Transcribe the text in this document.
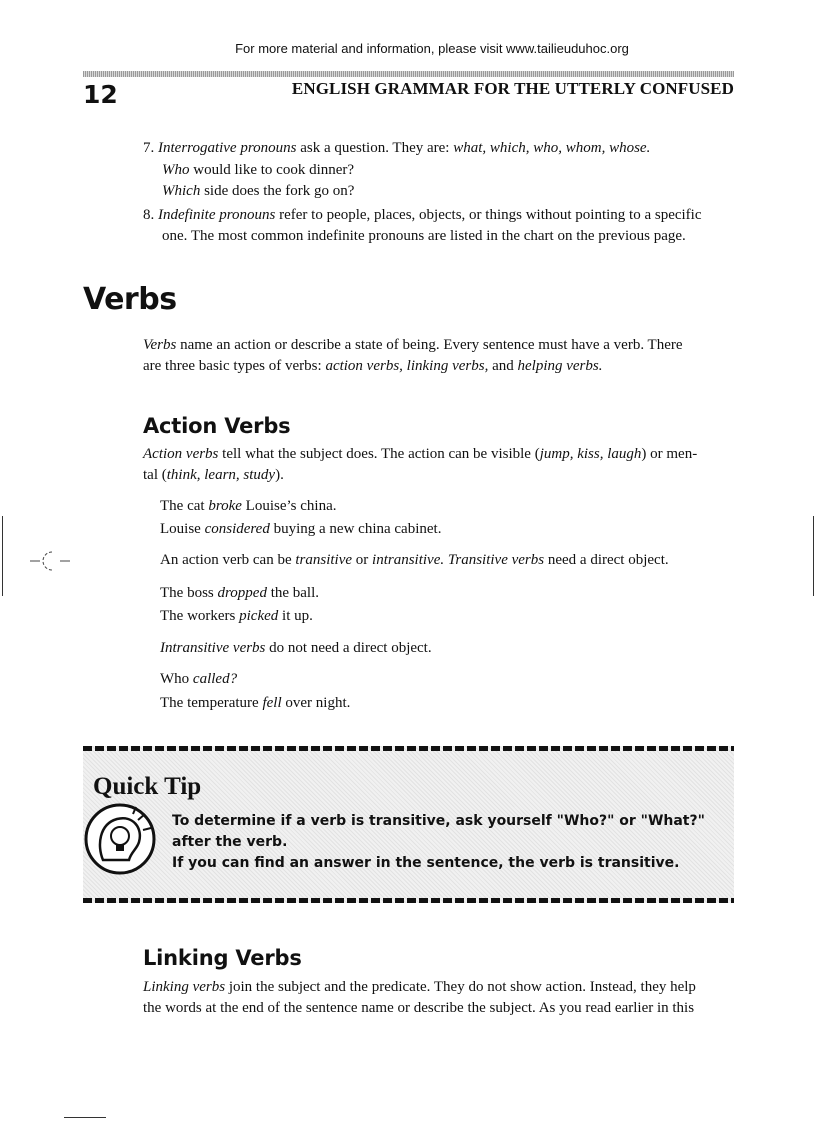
For more material and information, please visit www.tailieuduhoc.org
12	ENGLISH GRAMMAR FOR THE UTTERLY CONFUSED
7. Interrogative pronouns ask a question. They are: what, which, who, whom, whose.
Who would like to cook dinner?
Which side does the fork go on?
8. Indefinite pronouns refer to people, places, objects, or things without pointing to a specific
one. The most common indefinite pronouns are listed in the chart on the previous page.
Verbs
Verbs name an action or describe a state of being. Every sentence must have a verb. There
are three basic types of verbs: action verbs, linking verbs, and helping verbs.
Action Verbs
Action verbs tell what the subject does. The action can be visible (jump, kiss, laugh) or men-
tal (think, learn, study).
The cat broke Louise’s china.
Louise considered buying a new china cabinet.
An action verb can be transitive or intransitive. Transitive verbs need a direct object.
The boss dropped the ball.
The workers picked it up.
Intransitive verbs do not need a direct object.
Who called?
The temperature fell over night.
Quick Tip
To determine if a verb is transitive, ask yourself "Who?" or "What?" after the verb.
If you can find an answer in the sentence, the verb is transitive.
Linking Verbs
Linking verbs join the subject and the predicate. They do not show action. Instead, they help
the words at the end of the sentence name or describe the subject. As you read earlier in this
